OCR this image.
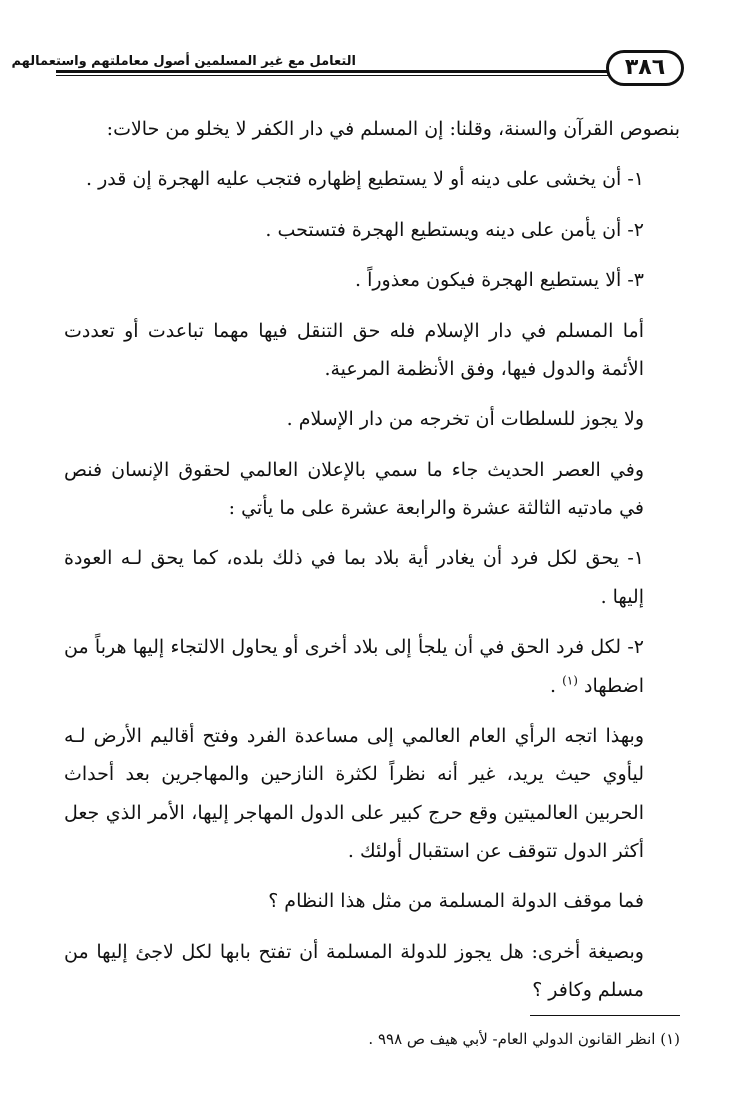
التعامل مع غير المسلمين أصول معاملتهم واستعمالهم	٣٨٦

بنصوص القرآن والسنة، وقلنا: إن المسلم في دار الكفر لا يخلو من حالات:

١- أن يخشى على دينه أو لا يستطيع إظهاره فتجب عليه الهجرة إن قدر .

٢- أن يأمن على دينه ويستطيع الهجرة فتستحب .

٣- ألا يستطيع الهجرة فيكون معذوراً .

أما المسلم في دار الإسلام فله حق التنقل فيها مهما تباعدت أو تعددت الأئمة والدول فيها، وفق الأنظمة المرعية.

ولا يجوز للسلطات أن تخرجه من دار الإسلام .

وفي العصر الحديث جاء ما سمي بالإعلان العالمي لحقوق الإنسان فنص في مادتيه الثالثة عشرة والرابعة عشرة على ما يأتي :

١- يحق لكل فرد أن يغادر أية بلاد بما في ذلك بلده، كما يحق لـه العودة إليها .

٢- لكل فرد الحق في أن يلجأ إلى بلاد أخرى أو يحاول الالتجاء إليها هرباً من اضطهاد $^{(١)}$ .

وبهذا اتجه الرأي العام العالمي إلى مساعدة الفرد وفتح أقاليم الأرض لـه ليأوي حيث يريد، غير أنه نظراً لكثرة النازحين والمهاجرين بعد أحداث الحربين العالميتين وقع حرج كبير على الدول المهاجر إليها، الأمر الذي جعل أكثر الدول تتوقف عن استقبال أولئك .

فما موقف الدولة المسلمة من مثل هذا النظام ؟

وبصيغة أخرى: هل يجوز للدولة المسلمة أن تفتح بابها لكل لاجئ إليها من مسلم وكافر ؟

(١) انظر القانون الدولي العام- لأبي هيف ص ٩٩٨ .
